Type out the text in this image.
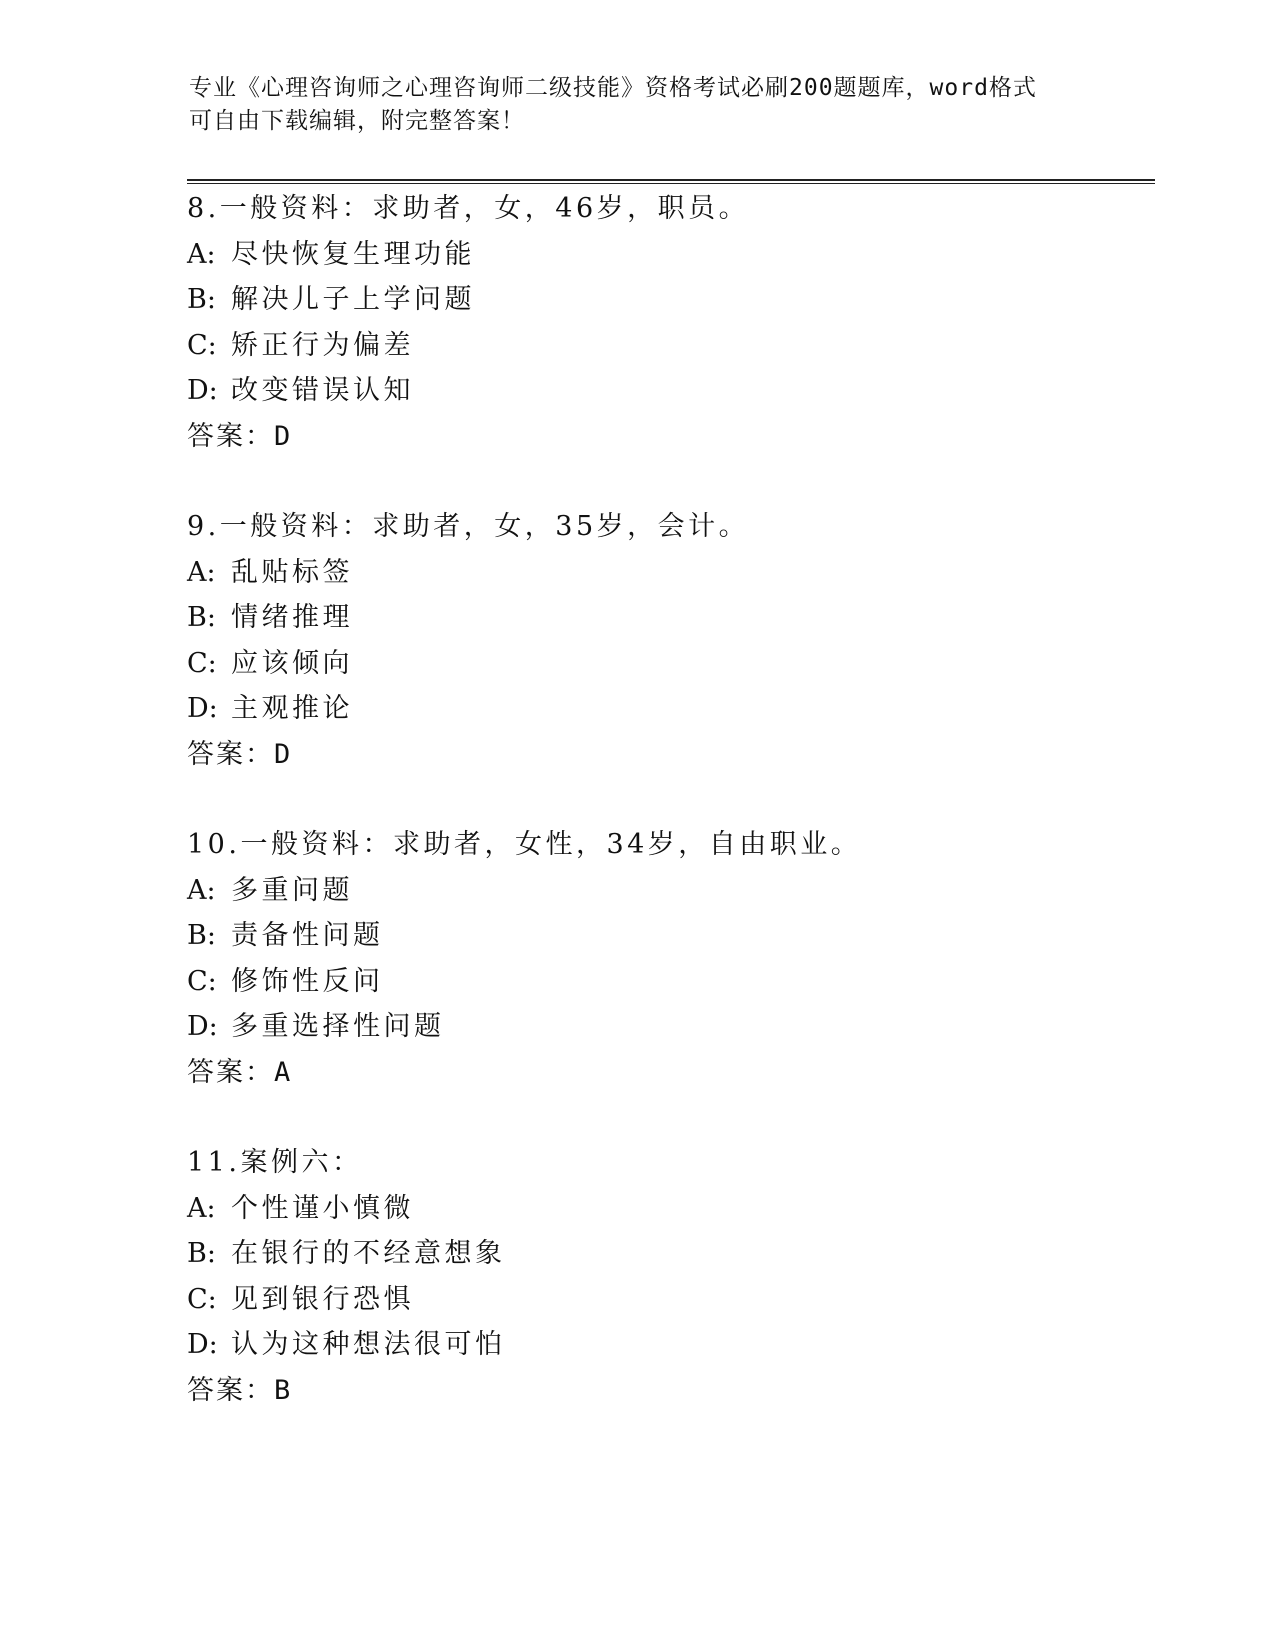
专业《心理咨询师之心理咨询师二级技能》资格考试必刷200题题库，word格式
可自由下载编辑，附完整答案！
8.一般资料：求助者，女，46岁，职员。
A: 尽快恢复生理功能
B: 解决儿子上学问题
C: 矫正行为偏差
D: 改变错误认知
答案：D
9.一般资料：求助者，女，35岁，会计。
A: 乱贴标签
B: 情绪推理
C: 应该倾向
D: 主观推论
答案：D
10.一般资料：求助者，女性，34岁，自由职业。
A: 多重问题
B: 责备性问题
C: 修饰性反问
D: 多重选择性问题
答案：A
11.案例六：
A: 个性谨小慎微
B: 在银行的不经意想象
C: 见到银行恐惧
D: 认为这种想法很可怕
答案：B
